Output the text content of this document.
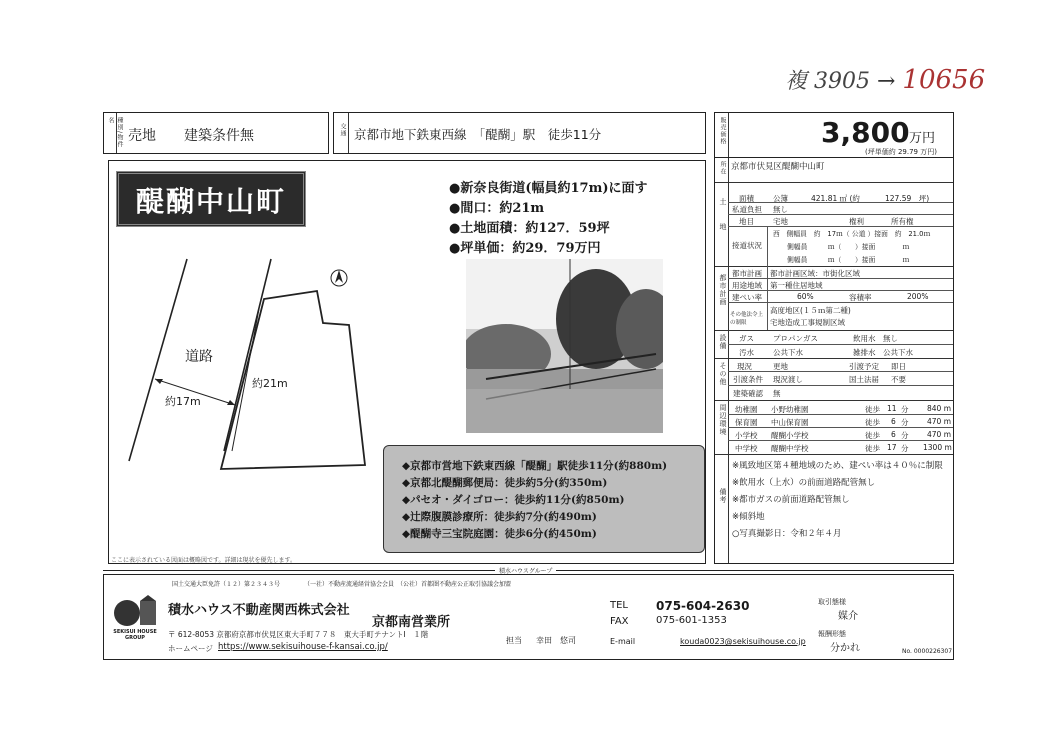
複 3905 → 10656
種別/物件名
売地 建築条件無	交通 京都市地下鉄東西線　「醍醐」駅　徒歩11分	販売価格	3,800 万円
(坪単価約 29.79 万円)
醍醐中山町	●新奈良街道(幅員約17m)に面す
●間口：約21m
●土地面積：約127．59坪
●坪単価：約29．79万円
道路
約17m
約21m
◆京都市営地下鉄東西線「醍醐」駅徒歩11分(約880m)
◆京都北醍醐郵便局：徒歩約5分(約350m)
◆パセオ・ダイゴロー：徒歩約11分(約850m)
◆辻際腹膜診療所：徒歩約7分(約490m)
◆醍醐寺三宝院庭園：徒歩6分(約450m)
ここに表示されている図面は概略図です。詳細は現状を優先します。
所在 京都市伏見区醍醐中山町
土地 面積	公簿	421.81 ㎡ (約	127.59　坪)
私道負担 無し
地目	宅地	権利	所有権
接道状況
西　側幅員　約　17ｍ（ 公道 ）接面　約　21.0ｍ
側幅員　　　ｍ（　　）接面　　　　ｍ
側幅員　　　ｍ（　　）接面　　　　ｍ
都市計画
都市計画 都市計画区域：市街化区域
用途地域 第一種住居地域
建ぺい率	60%	容積率	200%
その他法令上の制限
高度地区(１５ｍ第二種)
宅地造成工事規制区域
設備 ガス	プロパンガス	飲用水 無し
汚水	公共下水	雑排水 公共下水
その他 現況	更地	引渡予定 即日
引渡条件 現況渡し	国土法届 不要
建築確認 無
周辺環境 幼稚園 小野幼稚園	徒歩 11 分 840 m
保育園 中山保育園	徒歩 6 分 470 m
小学校 醍醐小学校	徒歩 6 分 470 m
中学校 醍醐中学校	徒歩 17 分 1300 m
備考
※風致地区第４種地域のため、建ぺい率は４０％に制限
※飲用水（上水）の前面道路配管無し
※都市ガスの前面道路配管無し
※傾斜地
○写真撮影日：令和２年４月
積水ハウスグループ
国土交通大臣免許（１２）第２３４３号	（一社）不動産流通経営協会会員　（公社）首都圏不動産公正取引協議会加盟
SEKISUI HOUSE GROUP
積水ハウス不動産関西株式会社
京都南営業所
〒 612-8053 京都府京都市伏見区東大手町７７８　東大手町テナントⅠ　１階
ホームページ https://www.sekisuihouse-f-kansai.co.jp/
担当 幸田　悠司
TEL 075-604-2630
FAX	075-601-1353
E-mail	kouda0023@sekisuihouse.co.jp
取引態様
媒介
報酬形態
分かれ	No. 0000226307
